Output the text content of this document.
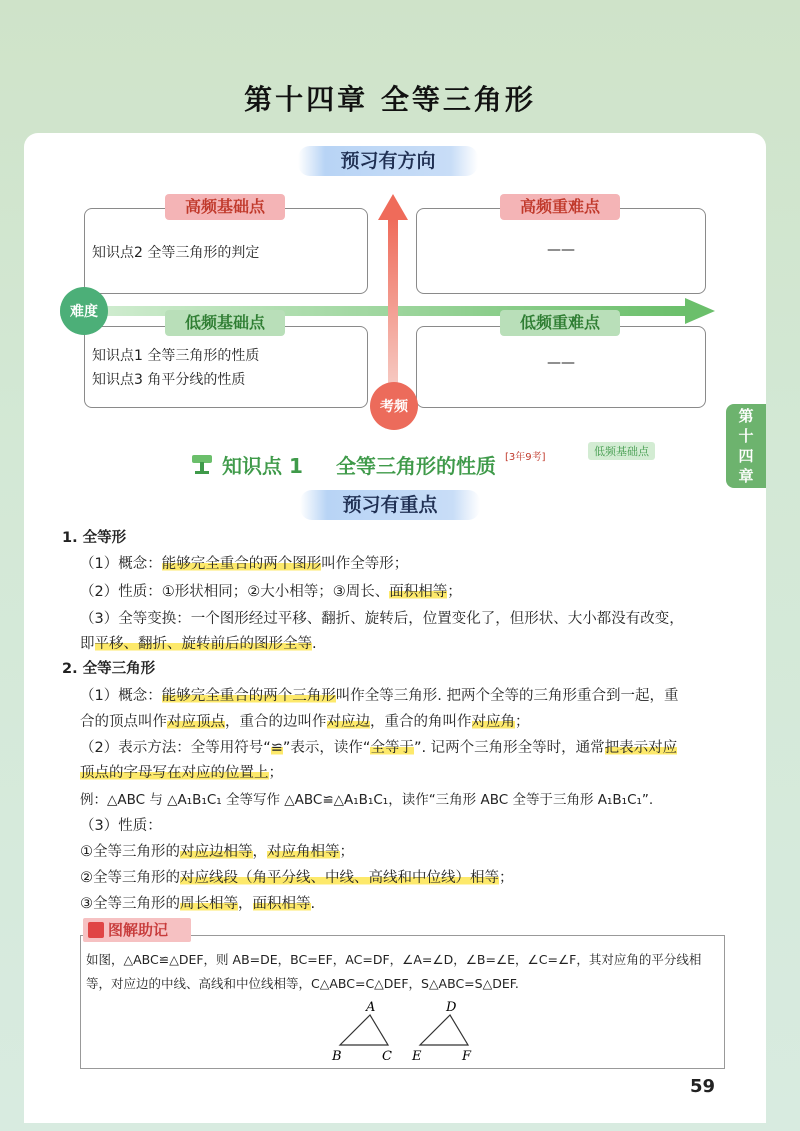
第十四章 全等三角形
第
十
四
章
预习有方向
知识点2 全等三角形的判定
高频基础点
——
高频重难点
知识点1 全等三角形的性质
知识点3 角平分线的性质
低频基础点
——
低频重难点
难度
考频
知识点 1 全等三角形的性质 [3年9考]	低频基础点
预习有重点
1. 全等形
（1）概念：能够完全重合的两个图形叫作全等形；
（2）性质：①形状相同；②大小相等；③周长、面积相等；
（3）全等变换：一个图形经过平移、翻折、旋转后，位置变化了，但形状、大小都没有改变，
即平移、翻折、旋转前后的图形全等.
2. 全等三角形
（1）概念：能够完全重合的两个三角形叫作全等三角形. 把两个全等的三角形重合到一起，重
合的顶点叫作对应顶点，重合的边叫作对应边，重合的角叫作对应角；
（2）表示方法：全等用符号“≌”表示，读作“全等于”. 记两个三角形全等时，通常把表示对应
顶点的字母写在对应的位置上；
例：△ABC 与 △A₁B₁C₁ 全等写作 △ABC≌△A₁B₁C₁，读作“三角形 ABC 全等于三角形 A₁B₁C₁”.
（3）性质：
①全等三角形的对应边相等，对应角相等；
②全等三角形的对应线段（角平分线、中线、高线和中位线）相等；
③全等三角形的周长相等，面积相等.
图解助记
如图，△ABC≌△DEF，则 AB=DE，BC=EF，AC=DF，∠A=∠D，∠B=∠E，∠C=∠F，其对应角的平分线相
等，对应边的中线、高线和中位线相等，C△ABC=C△DEF，S△ABC=S△DEF.
A
B	C
D
E	F
59
